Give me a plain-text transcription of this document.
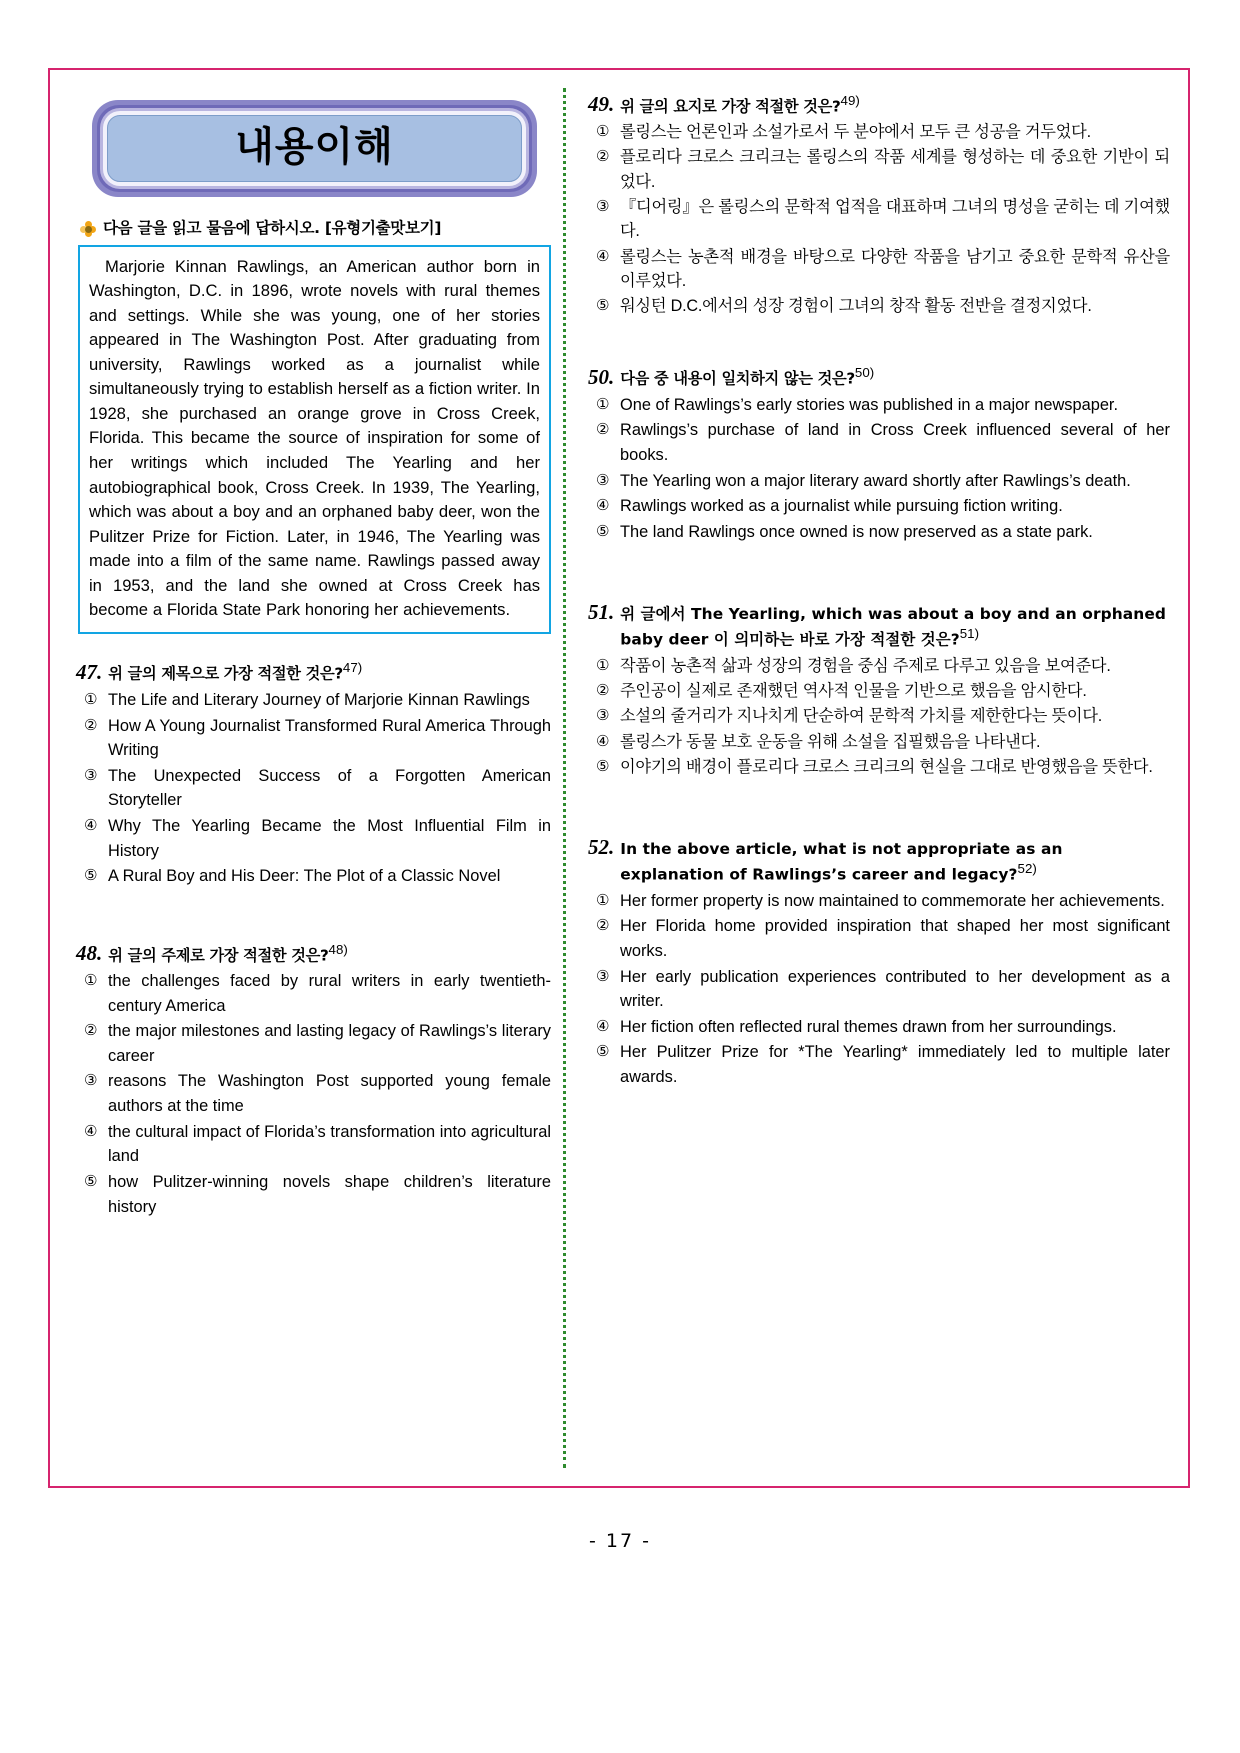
내용이해
다음 글을 읽고 물음에 답하시오. [유형기출맛보기]
Marjorie Kinnan Rawlings, an American author born in Washington, D.C. in 1896, wrote novels with rural themes and settings. While she was young, one of her stories appeared in The Washington Post. After graduating from university, Rawlings worked as a journalist while simultaneously trying to establish herself as a fiction writer. In 1928, she purchased an orange grove in Cross Creek, Florida. This became the source of inspiration for some of her writings which included The Yearling and her autobiographical book, Cross Creek. In 1939, The Yearling, which was about a boy and an orphaned baby deer, won the Pulitzer Prize for Fiction. Later, in 1946, The Yearling was made into a film of the same name. Rawlings passed away in 1953, and the land she owned at Cross Creek has become a Florida State Park honoring her achievements.
47. 위 글의 제목으로 가장 적절한 것은?$^{47)}$
① The Life and Literary Journey of Marjorie Kinnan Rawlings
② How A Young Journalist Transformed Rural America Through Writing
③ The Unexpected Success of a Forgotten American Storyteller
④ Why The Yearling Became the Most Influential Film in History
⑤ A Rural Boy and His Deer: The Plot of a Classic Novel
48. 위 글의 주제로 가장 적절한 것은?$^{48)}$
① the challenges faced by rural writers in early twentieth-century America
② the major milestones and lasting legacy of Rawlings’s literary career
③ reasons The Washington Post supported young female authors at the time
④ the cultural impact of Florida’s transformation into agricultural land
⑤ how Pulitzer-winning novels shape children’s literature history
49. 위 글의 요지로 가장 적절한 것은?$^{49)}$
① 롤링스는 언론인과 소설가로서 두 분야에서 모두 큰 성공을 거두었다.
② 플로리다 크로스 크리크는 롤링스의 작품 세계를 형성하는 데 중요한 기반이 되었다.
③ 『디어링』은 롤링스의 문학적 업적을 대표하며 그녀의 명성을 굳히는 데 기여했다.
④ 롤링스는 농촌적 배경을 바탕으로 다양한 작품을 남기고 중요한 문학적 유산을 이루었다.
⑤ 워싱턴 D.C.에서의 성장 경험이 그녀의 창작 활동 전반을 결정지었다.
50. 다음 중 내용이 일치하지 않는 것은?$^{50)}$
① One of Rawlings’s early stories was published in a major newspaper.
② Rawlings’s purchase of land in Cross Creek influenced several of her books.
③ The Yearling won a major literary award shortly after Rawlings’s death.
④ Rawlings worked as a journalist while pursuing fiction writing.
⑤ The land Rawlings once owned is now preserved as a state park.
51. 위 글에서 The Yearling, which was about a boy and an orphaned baby deer 이 의미하는 바로 가장 적절한 것은?$^{51)}$
① 작품이 농촌적 삶과 성장의 경험을 중심 주제로 다루고 있음을 보여준다.
② 주인공이 실제로 존재했던 역사적 인물을 기반으로 했음을 암시한다.
③ 소설의 줄거리가 지나치게 단순하여 문학적 가치를 제한한다는 뜻이다.
④ 롤링스가 동물 보호 운동을 위해 소설을 집필했음을 나타낸다.
⑤ 이야기의 배경이 플로리다 크로스 크리크의 현실을 그대로 반영했음을 뜻한다.
52. In the above article, what is not appropriate as an explanation of Rawlings’s career and legacy?$^{52)}$
① Her former property is now maintained to commemorate her achievements.
② Her Florida home provided inspiration that shaped her most significant works.
③ Her early publication experiences contributed to her development as a writer.
④ Her fiction often reflected rural themes drawn from her surroundings.
⑤ Her Pulitzer Prize for *The Yearling* immediately led to multiple later awards.
- 17 -
